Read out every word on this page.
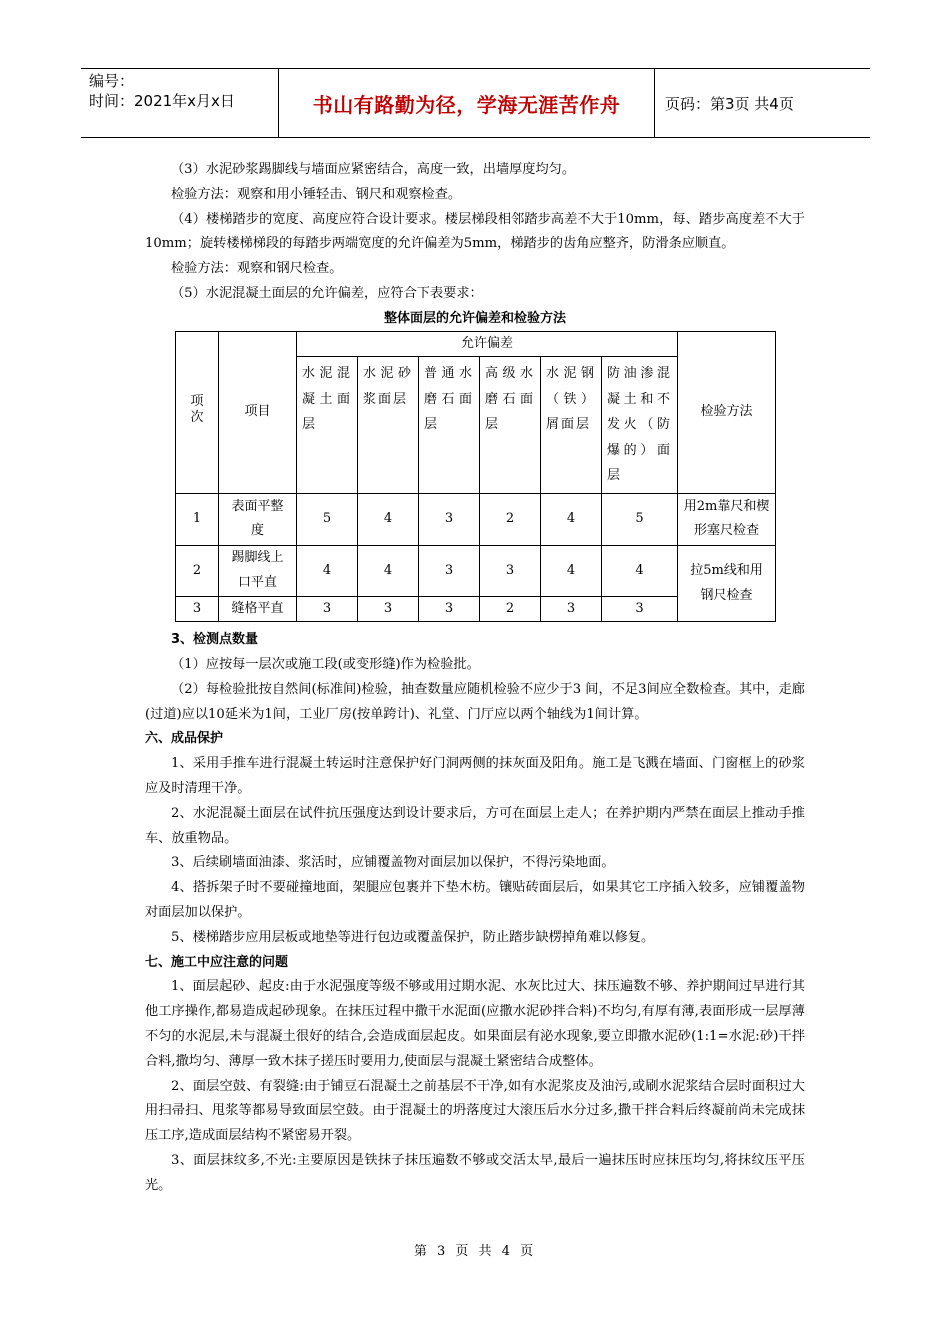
编号：
时间：2021年x月x日	书山有路勤为径，学海无涯苦作舟	页码：第3页 共4页

（3）水泥砂浆踢脚线与墙面应紧密结合，高度一致，出墙厚度均匀。

检验方法：观察和用小锤轻击、钢尺和观察检查。

（4）楼梯踏步的宽度、高度应符合设计要求。楼层梯段相邻踏步高差不大于10mm，每、踏步高度差不大于10mm；旋转楼梯梯段的每踏步两端宽度的允许偏差为5mm，梯踏步的齿角应整齐，防滑条应顺直。

检验方法：观察和钢尺检查。

（5）水泥混凝土面层的允许偏差，应符合下表要求：

整体面层的允许偏差和检验方法
项次	项目	允许偏差						检验方法
		水泥混凝土面层	水泥砂浆面层	普通水磨石面层	高级水磨石面层	水泥钢（铁）屑面层	防油渗混凝土和不发火（防爆的）面层	
1	表面平整度	5	4	3	2	4	5	用2m靠尺和楔形塞尺检查
2	踢脚线上口平直	4	4	3	3	4	4	拉5m线和用钢尺检查
3	缝格平直	3	3	3	2	3	3	

3、检测点数量

（1）应按每一层次或施工段(或变形缝)作为检验批。

（2）每检验批按自然间(标准间)检验，抽查数量应随机检验不应少于3 间，不足3间应全数检查。其中，走廊(过道)应以10延米为1间，工业厂房(按单跨计)、礼堂、门厅应以两个轴线为1间计算。

六、成品保护

1、采用手推车进行混凝土转运时注意保护好门洞两侧的抹灰面及阳角。施工是飞溅在墙面、门窗框上的砂浆应及时清理干净。

2、水泥混凝土面层在试件抗压强度达到设计要求后，方可在面层上走人；在养护期内严禁在面层上推动手推车、放重物品。

3、后续刷墙面油漆、浆活时，应铺覆盖物对面层加以保护，不得污染地面。

4、搭拆架子时不要碰撞地面，架腿应包裹并下垫木枋。镶贴砖面层后，如果其它工序插入较多，应铺覆盖物对面层加以保护。

5、楼梯踏步应用层板或地垫等进行包边或覆盖保护，防止踏步缺楞掉角难以修复。

七、施工中应注意的问题

1、面层起砂、起皮:由于水泥强度等级不够或用过期水泥、水灰比过大、抹压遍数不够、养护期间过早进行其他工序操作,都易造成起砂现象。在抹压过程中撒干水泥面(应撒水泥砂拌合料)不均匀,有厚有薄,表面形成一层厚薄不匀的水泥层,未与混凝土很好的结合,会造成面层起皮。如果面层有泌水现象,要立即撒水泥砂(1:1=水泥:砂)干拌合料,撒均匀、薄厚一致木抹子搓压时要用力,使面层与混凝土紧密结合成整体。

2、面层空鼓、有裂缝:由于铺豆石混凝土之前基层不干净,如有水泥浆皮及油污,或刷水泥浆结合层时面积过大用扫帚扫、甩浆等都易导致面层空鼓。由于混凝土的坍落度过大滚压后水分过多,撒干拌合料后终凝前尚未完成抹压工序,造成面层结构不紧密易开裂。

3、面层抹纹多,不光:主要原因是铁抹子抹压遍数不够或交活太早,最后一遍抹压时应抹压均匀,将抹纹压平压光。

第 3 页 共 4 页
